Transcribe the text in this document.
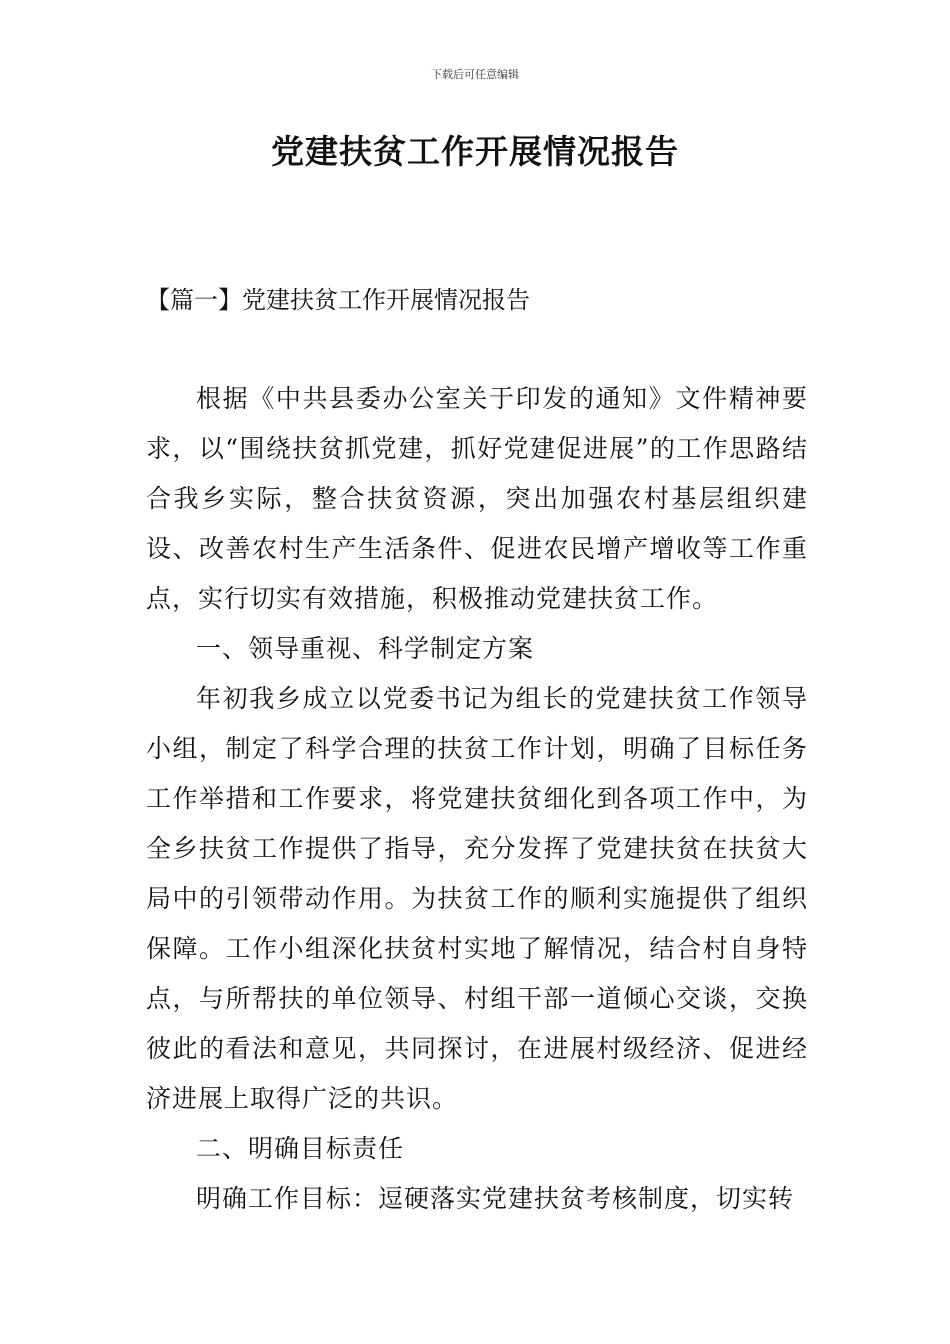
下载后可任意编辑
党建扶贫工作开展情况报告
【篇一】党建扶贫工作开展情况报告

根据《中共县委办公室关于印发的通知》文件精神要求，以“围绕扶贫抓党建，抓好党建促进展”的工作思路结合我乡实际，整合扶贫资源，突出加强农村基层组织建设、改善农村生产生活条件、促进农民增产增收等工作重点，实行切实有效措施，积极推动党建扶贫工作。

一、领导重视、科学制定方案

年初我乡成立以党委书记为组长的党建扶贫工作领导小组，制定了科学合理的扶贫工作计划，明确了目标任务工作举措和工作要求，将党建扶贫细化到各项工作中，为全乡扶贫工作提供了指导，充分发挥了党建扶贫在扶贫大局中的引领带动作用。为扶贫工作的顺利实施提供了组织保障。工作小组深化扶贫村实地了解情况，结合村自身特点，与所帮扶的单位领导、村组干部一道倾心交谈，交换彼此的看法和意见，共同探讨，在进展村级经济、促进经济进展上取得广泛的共识。

二、明确目标责任

明确工作目标：逗硬落实党建扶贫考核制度，切实转
